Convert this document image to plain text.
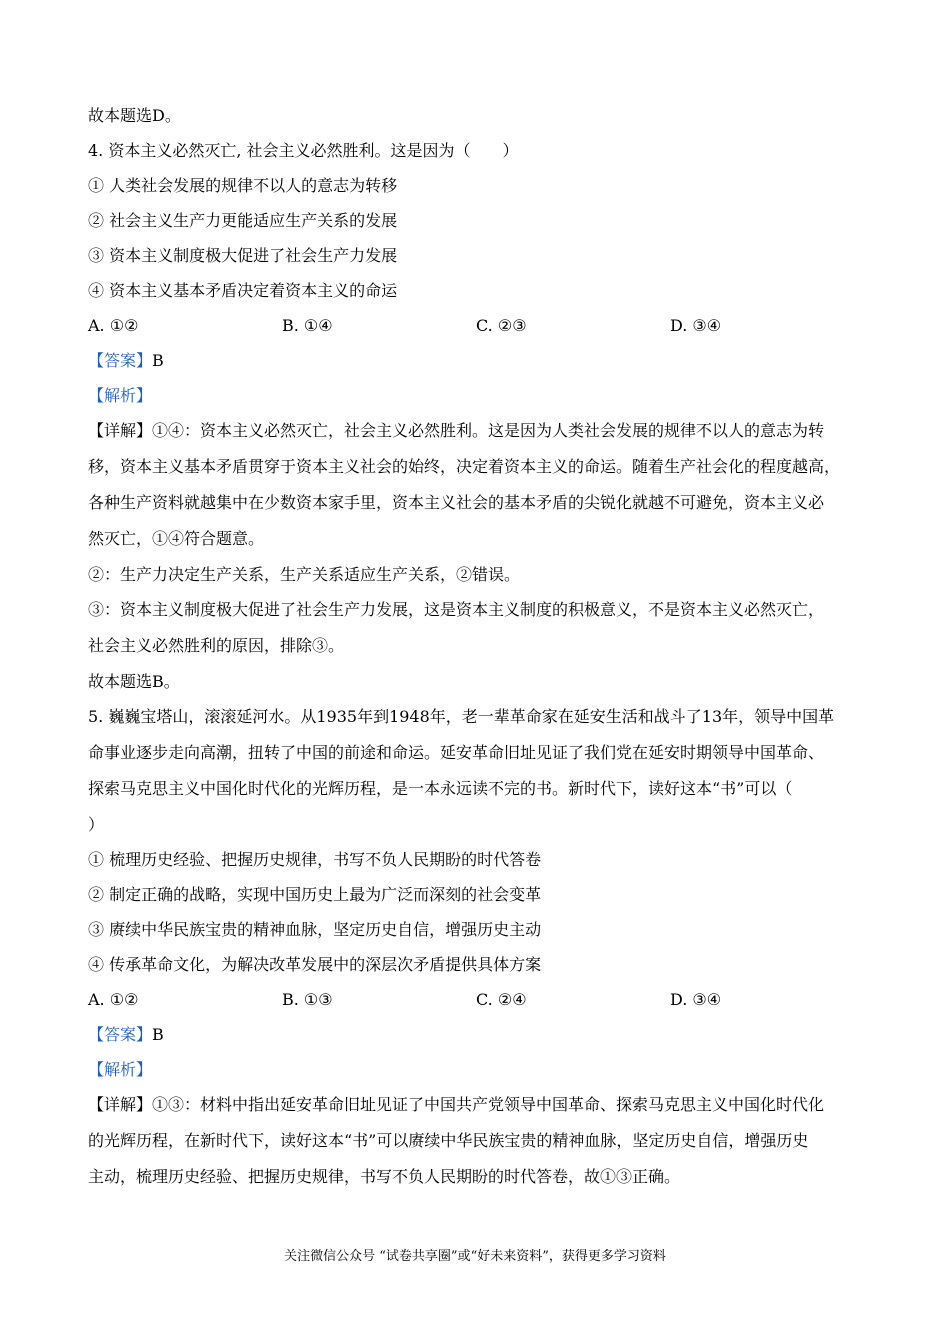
故本题选D。
4. 资本主义必然灭亡, 社会主义必然胜利。这是因为（　　）
① 人类社会发展的规律不以人的意志为转移
② 社会主义生产力更能适应生产关系的发展
③ 资本主义制度极大促进了社会生产力发展
④ 资本主义基本矛盾决定着资本主义的命运
A. ①②	B. ①④	C. ②③	D. ③④
【答案】B
【解析】
【详解】①④：资本主义必然灭亡，社会主义必然胜利。这是因为人类社会发展的规律不以人的意志为转
移，资本主义基本矛盾贯穿于资本主义社会的始终，决定着资本主义的命运。随着生产社会化的程度越高，
各种生产资料就越集中在少数资本家手里，资本主义社会的基本矛盾的尖锐化就越不可避免，资本主义必
然灭亡，①④符合题意。
②：生产力决定生产关系，生产关系适应生产关系，②错误。
③：资本主义制度极大促进了社会生产力发展，这是资本主义制度的积极意义，不是资本主义必然灭亡，
社会主义必然胜利的原因，排除③。
故本题选B。
5. 巍巍宝塔山，滚滚延河水。从1935年到1948年，老一辈革命家在延安生活和战斗了13年，领导中国革
命事业逐步走向高潮，扭转了中国的前途和命运。延安革命旧址见证了我们党在延安时期领导中国革命、
探索马克思主义中国化时代化的光辉历程，是一本永远读不完的书。新时代下，读好这本“书”可以（
）
① 梳理历史经验、把握历史规律，书写不负人民期盼的时代答卷
② 制定正确的战略，实现中国历史上最为广泛而深刻的社会变革
③ 赓续中华民族宝贵的精神血脉，坚定历史自信，增强历史主动
④ 传承革命文化，为解决改革发展中的深层次矛盾提供具体方案
A. ①②	B. ①③	C. ②④	D. ③④
【答案】B
【解析】
【详解】①③：材料中指出延安革命旧址见证了中国共产党领导中国革命、探索马克思主义中国化时代化
的光辉历程，在新时代下，读好这本“书”可以赓续中华民族宝贵的精神血脉，坚定历史自信，增强历史
主动，梳理历史经验、把握历史规律，书写不负人民期盼的时代答卷，故①③正确。
关注微信公众号 “试卷共享圈”或“好未来资料”，获得更多学习资料
